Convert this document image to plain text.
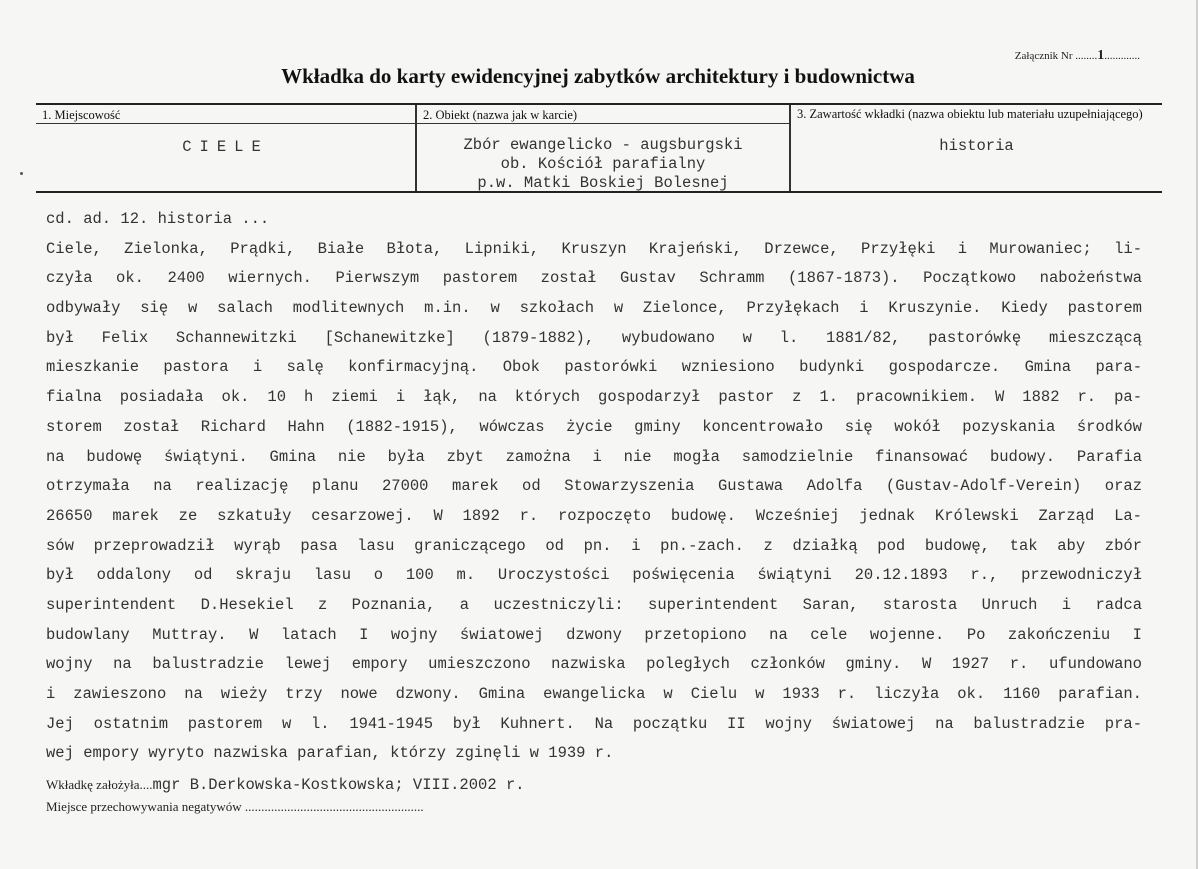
Załącznik Nr ........1.............
Wkładka do karty ewidencyjnej zabytków architektury i budownictwa
1. Miejscowość
CIELE
2. Obiekt (nazwa jak w karcie)
Zbór ewangelicko - augsburgski
ob. Kościół parafialny
p.w. Matki Boskiej Bolesnej
3. Zawartość wkładki (nazwa obiektu lub materiału uzupełniającego)
historia
cd. ad. 12. historia ...
Ciele, Zielonka, Prądki, Białe Błota, Lipniki, Kruszyn Krajeński, Drzewce, Przyłęki i Murowaniec; li-
czyła ok. 2400 wiernych. Pierwszym pastorem został Gustav Schramm (1867-1873). Początkowo nabożeństwa
odbywały się w salach modlitewnych m.in. w szkołach w Zielonce, Przyłękach i Kruszynie. Kiedy pastorem
był Felix Schannewitzki [Schanewitzke] (1879-1882), wybudowano w l. 1881/82, pastorówkę mieszczącą
mieszkanie pastora i salę konfirmacyjną. Obok pastorówki wzniesiono budynki gospodarcze. Gmina para-
fialna posiadała ok. 10 h ziemi i łąk, na których gospodarzył pastor z 1. pracownikiem. W 1882 r. pa-
storem został Richard Hahn (1882-1915), wówczas życie gminy koncentrowało się wokół pozyskania środków
na budowę świątyni. Gmina nie była zbyt zamożna i nie mogła samodzielnie finansować budowy. Parafia
otrzymała na realizację planu 27000 marek od Stowarzyszenia Gustawa Adolfa (Gustav-Adolf-Verein) oraz
26650 marek ze szkatuły cesarzowej. W 1892 r. rozpoczęto budowę. Wcześniej jednak Królewski Zarząd La-
sów przeprowadził wyrąb pasa lasu graniczącego od pn. i pn.-zach. z działką pod budowę, tak aby zbór
był oddalony od skraju lasu o 100 m. Uroczystości poświęcenia świątyni 20.12.1893 r., przewodniczył
superintendent D.Hesekiel z Poznania, a uczestniczyli: superintendent Saran, starosta Unruch i radca
budowlany Muttray. W latach I wojny światowej dzwony przetopiono na cele wojenne. Po zakończeniu I
wojny na balustradzie lewej empory umieszczono nazwiska poległych członków gminy. W 1927 r. ufundowano
i zawieszono na wieży trzy nowe dzwony. Gmina ewangelicka w Cielu w 1933 r. liczyła ok. 1160 parafian.
Jej ostatnim pastorem w l. 1941-1945 był Kuhnert. Na początku II wojny światowej na balustradzie pra-
wej empory wyryto nazwiska parafian, którzy zginęli w 1939 r.
Wkładkę założyła....mgr B.Derkowska-Kostkowska; VIII.2002 r.
Miejsce przechowywania negatywów .......................................................
